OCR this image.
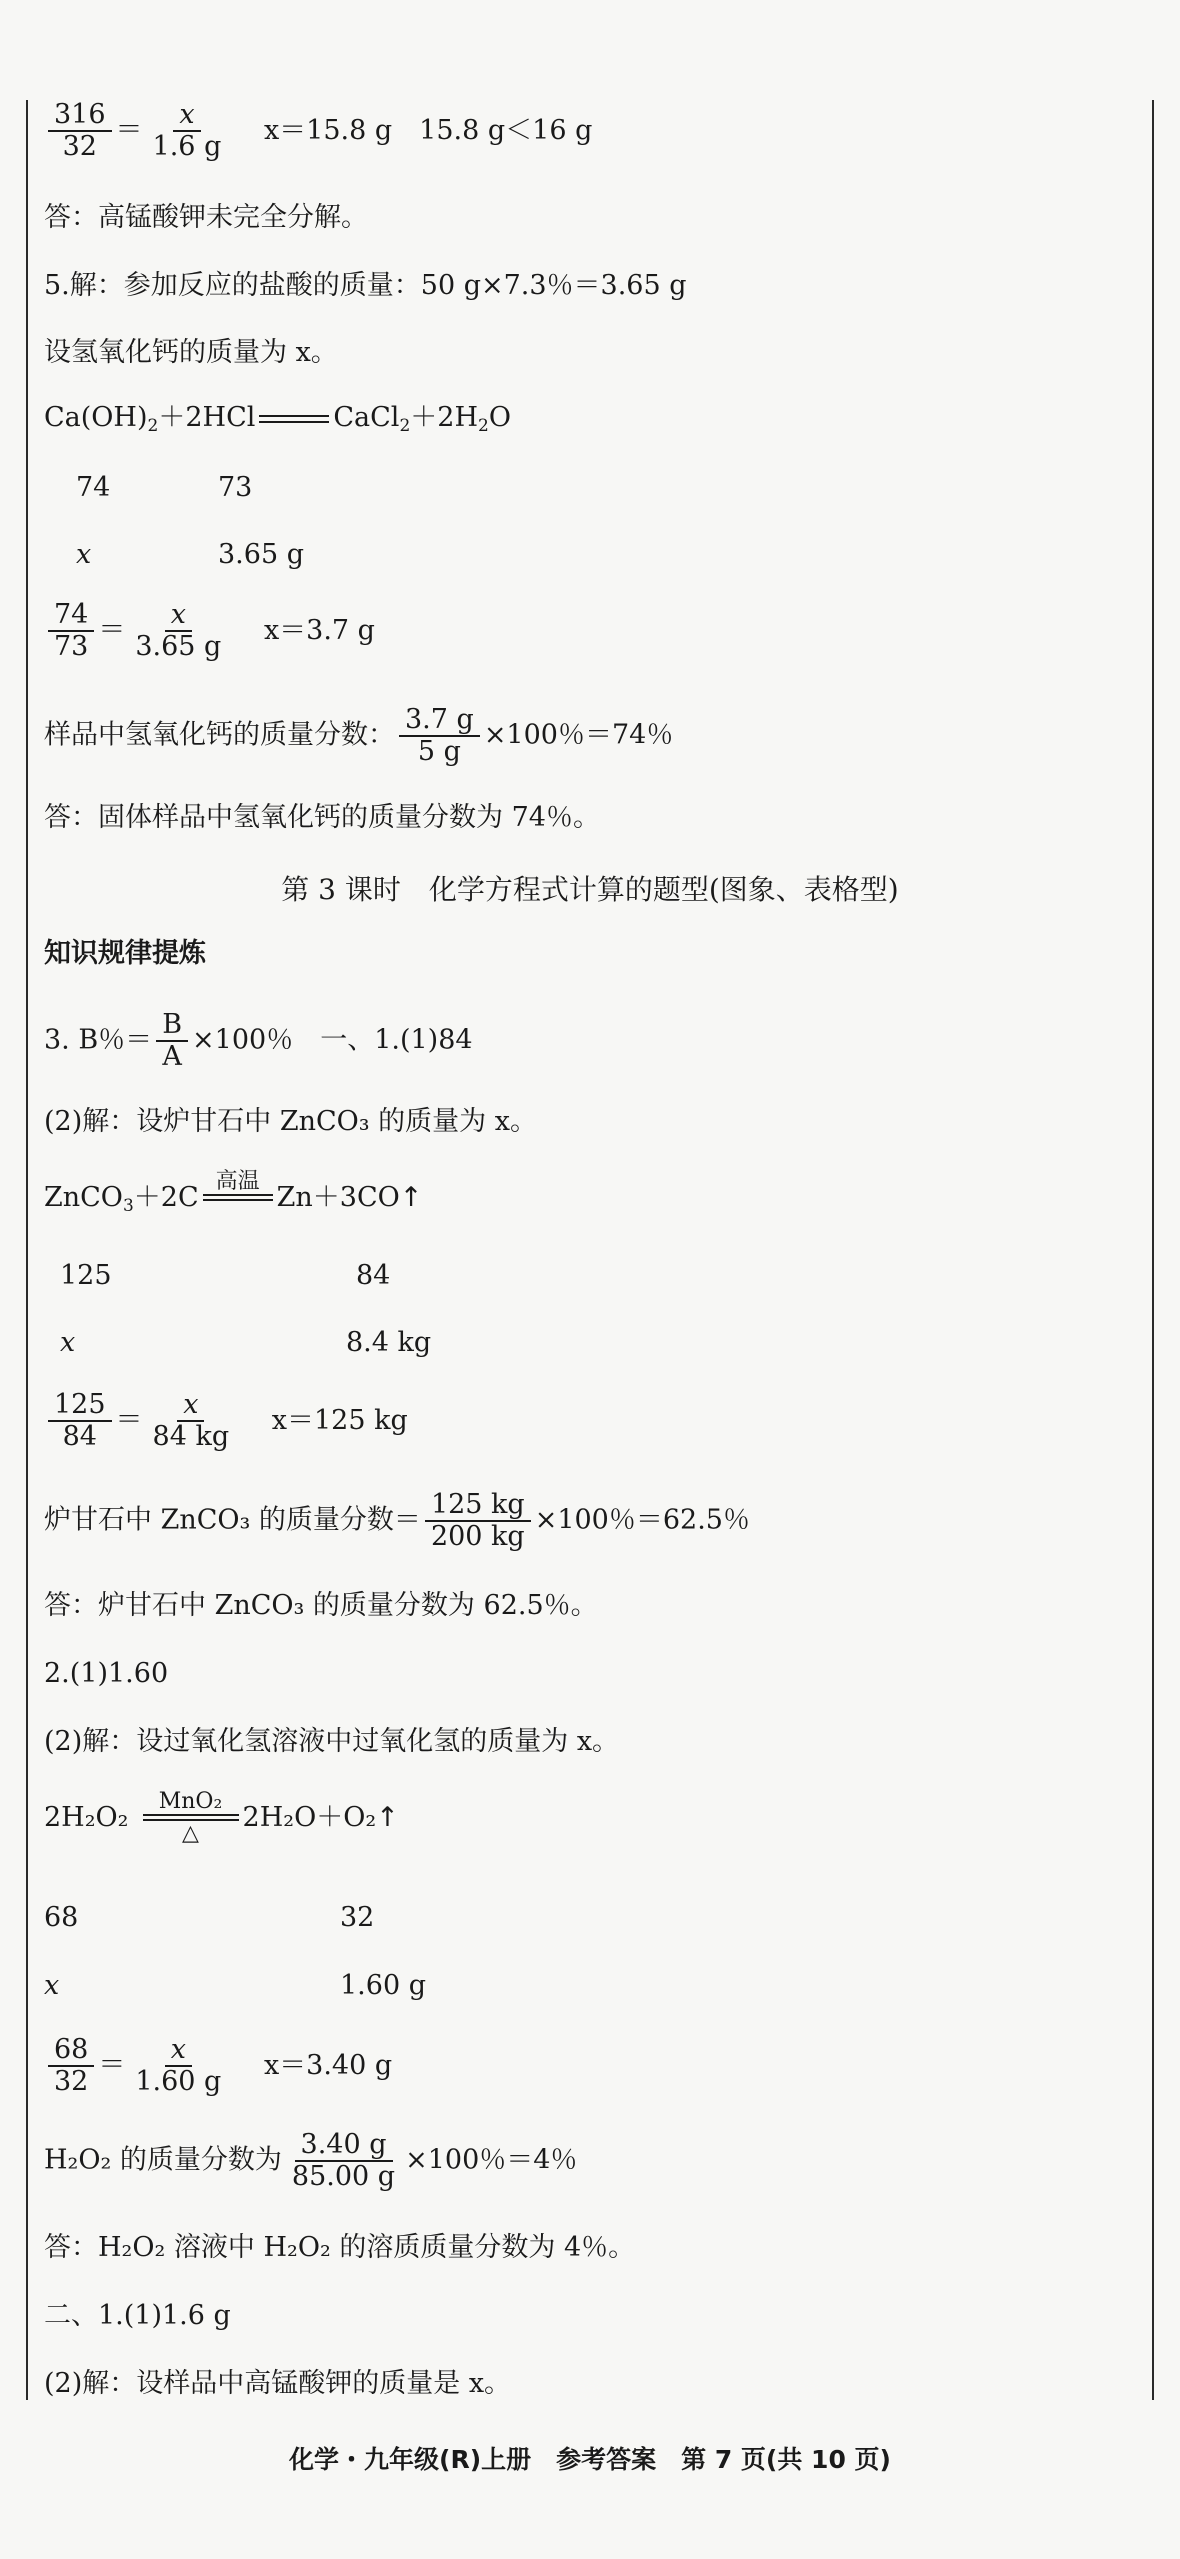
$\frac{316}{32} = \frac{x}{1.6 g} x=15.8$ g　15.8 g＜16 g
答：高锰酸钾未完全分解。
5.解：参加反应的盐酸的质量：50 g×7.3％＝3.65 g
设氢氧化钙的质量为 x。
$Ca(OH)_2+2HCl$	$CaCl_2+2H_2O$
74	73
x	3.65 g
$\frac{74}{73} = \frac{x}{3.65 g} x=3.7$ g
样品中氢氧化钙的质量分数： $\frac{3.7 g}{5 g} \times 100$％＝74％
答：固体样品中氢氧化钙的质量分数为 74％。
第 3 课时　化学方程式计算的题型(图象、表格型)
知识规律提炼
3. B％＝ $\frac{B}{A} \times 100$％　一、1.(1)84
(2)解：设炉甘石中 ZnCO₃ 的质量为 x。
ZnCO$_3$＋2C
高温

Zn＋3CO↑
125	84
x	8.4 kg
$\frac{125}{84} = \frac{x}{84 kg} x=125$ kg
炉甘石中 ZnCO₃ 的质量分数＝ $\frac{125 kg}{200 kg} \times 100$％＝62.5％
答：炉甘石中 ZnCO₃ 的质量分数为 62.5％。
2.(1)1.60
(2)解：设过氧化氢溶液中过氧化氢的质量为 x。
2H₂O₂
MnO₂
△
2H₂O＋O₂↑
68	32
x	1.60 g
$\frac{68}{32} = \frac{x}{1.60 g} x=3.40$ g
H₂O₂ 的质量分数为 $\frac{3.40 g}{85.00 g} \times 100$％＝4％
答：H₂O₂ 溶液中 H₂O₂ 的溶质质量分数为 4％。
二、1.(1)1.6 g
(2)解：设样品中高锰酸钾的质量是 x。
化学・九年级(R)上册　参考答案　第 7 页(共 10 页)
